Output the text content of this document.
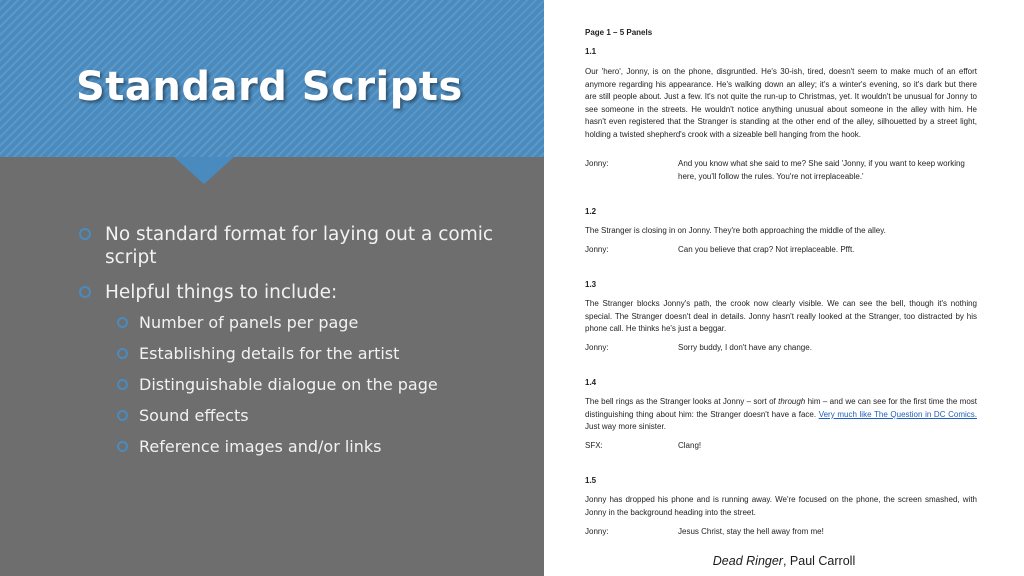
Standard Scripts
No standard format for laying out a comic script
Helpful things to include:
Number of panels per page
Establishing details for the artist
Distinguishable dialogue on the page
Sound effects
Reference images and/or links
Page 1 – 5 Panels
1.1
Our 'hero', Jonny, is on the phone, disgruntled. He's 30-ish, tired, doesn't seem to make much of an effort anymore regarding his appearance. He's walking down an alley; it's a winter's evening, so it's dark but there are still people about. Just a few. It's not quite the run-up to Christmas, yet. It wouldn't be unusual for Jonny to see someone in the streets. He wouldn't notice anything unusual about someone in the alley with him. He hasn't even registered that the Stranger is standing at the other end of the alley, silhouetted by a street light, holding a twisted shepherd's crook with a sizeable bell hanging from the hook.
Jonny:	And you know what she said to me? She said 'Jonny, if you want to keep working here, you'll follow the rules. You're not irreplaceable.'
1.2
The Stranger is closing in on Jonny. They're both approaching the middle of the alley.
Jonny:	Can you believe that crap? Not irreplaceable. Pfft.
1.3
The Stranger blocks Jonny's path, the crook now clearly visible. We can see the bell, though it's nothing special. The Stranger doesn't deal in details. Jonny hasn't really looked at the Stranger, too distracted by his phone call. He thinks he's just a beggar.
Jonny:	Sorry buddy, I don't have any change.
1.4
The bell rings as the Stranger looks at Jonny – sort of through him – and we can see for the first time the most distinguishing thing about him: the Stranger doesn't have a face. Very much like The Question in DC Comics. Just way more sinister.
SFX:	Clang!
1.5
Jonny has dropped his phone and is running away. We're focused on the phone, the screen smashed, with Jonny in the background heading into the street.
Jonny:	Jesus Christ, stay the hell away from me!
Dead Ringer, Paul Carroll
